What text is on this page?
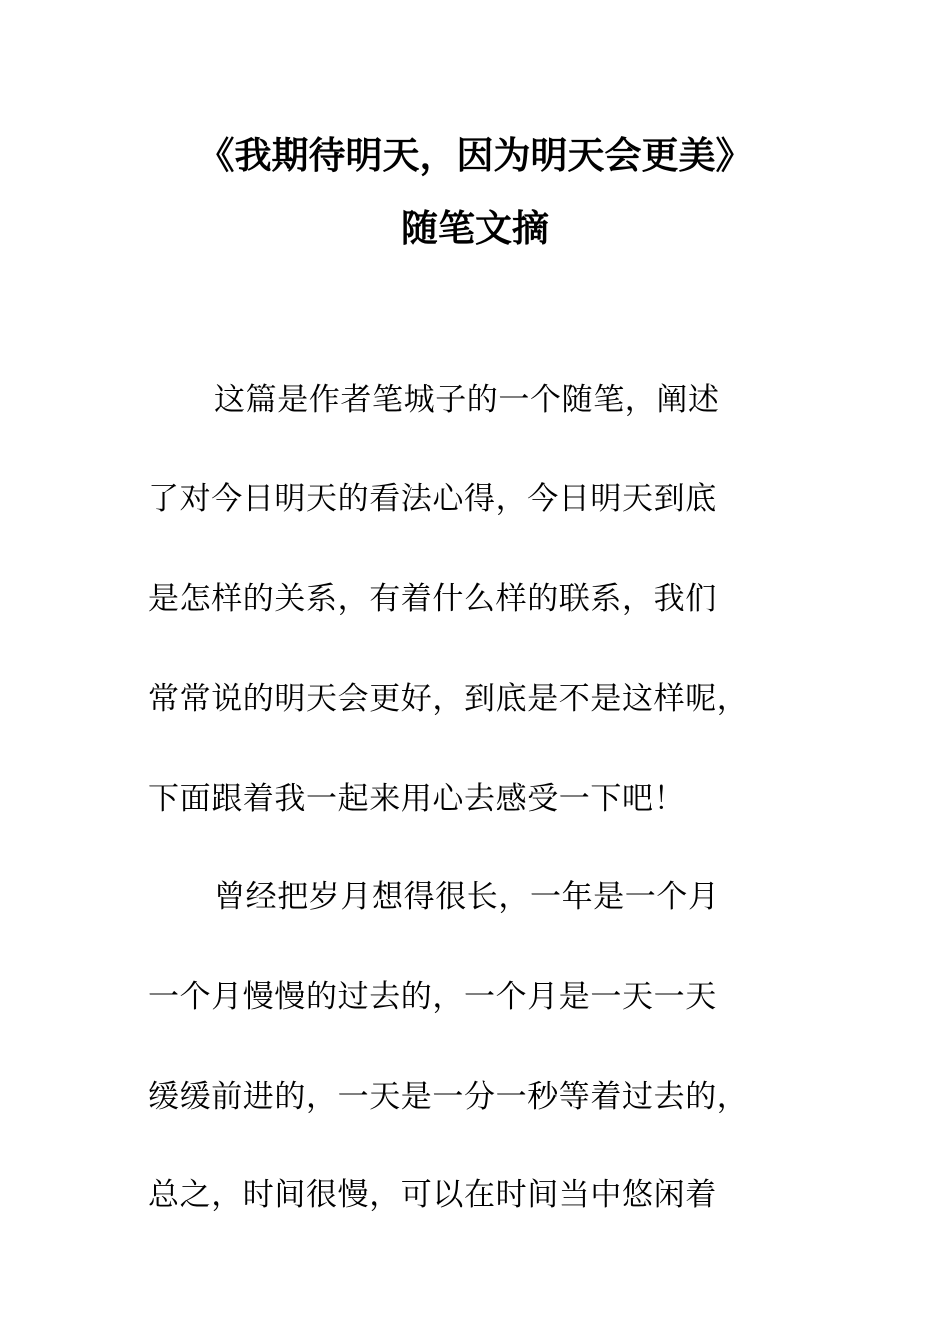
《我期待明天，因为明天会更美》
随笔文摘
这篇是作者笔城子的一个随笔，阐述
了对今日明天的看法心得，今日明天到底
是怎样的关系，有着什么样的联系，我们
常常说的明天会更好，到底是不是这样呢，
下面跟着我一起来用心去感受一下吧！
曾经把岁月想得很长，一年是一个月
一个月慢慢的过去的，一个月是一天一天
缓缓前进的，一天是一分一秒等着过去的，
总之，时间很慢，可以在时间当中悠闲着
